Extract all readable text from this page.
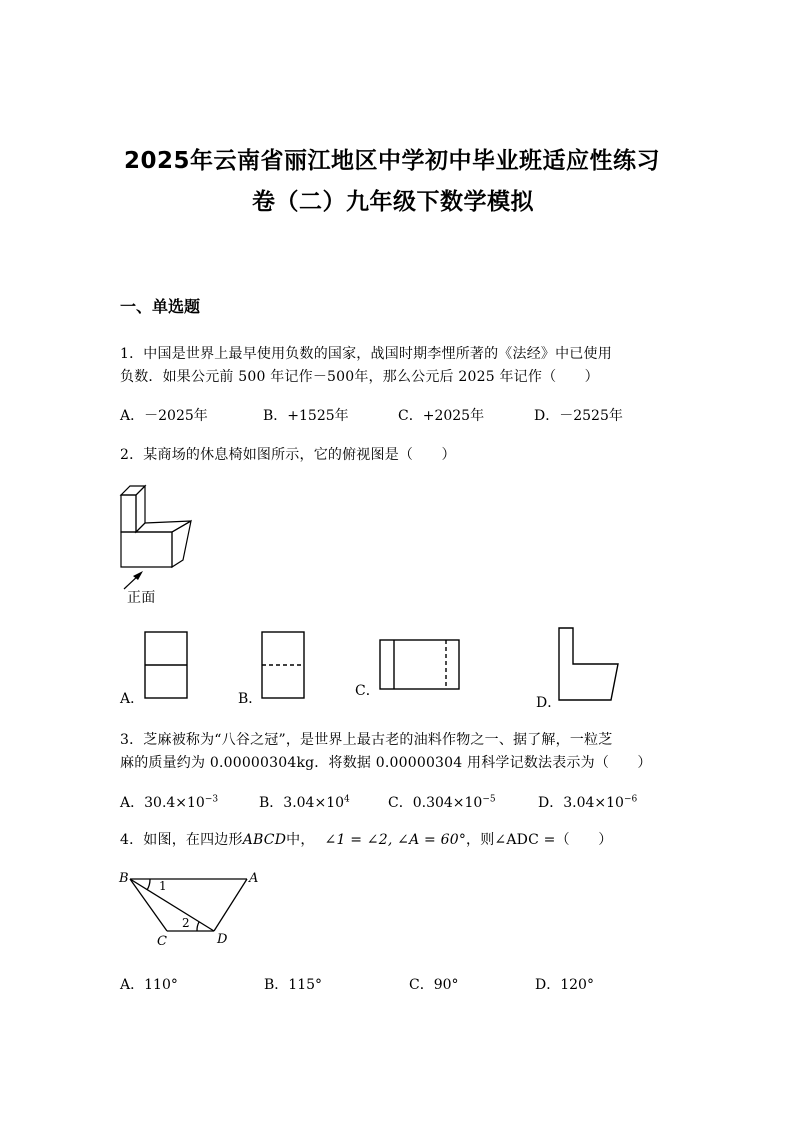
2025年云南省丽江地区中学初中毕业班适应性练习
卷（二）九年级下数学模拟
一、单选题
1．中国是世界上最早使用负数的国家，战国时期李悝所著的《法经》中已使用
负数．如果公元前 500 年记作－500年，那么公元后 2025 年记作（　　）
A．－2025年	B．+1525年	C．+2025年	D．－2525年
2．某商场的休息椅如图所示，它的俯视图是（　　）
正面
A．	B．	C．
D．
3．芝麻被称为“八谷之冠”，是世界上最古老的油料作物之一、据了解，一粒芝
麻的质量约为 0.00000304kg．将数据 0.00000304 用科学记数法表示为（　　）
A．$30.4\times 10^{-3}$	B．$3.04\times 10^4$	C．$0.304\times 10^{-5}$	D．$3.04\times 10^{-6}$
4．如图，在四边形ABCD中， ∠1 = ∠2, ∠A = 60°，则∠ADC =（　　）
B	A
C	D
1
2
A．110°	B．115°	C．90°	D．120°
